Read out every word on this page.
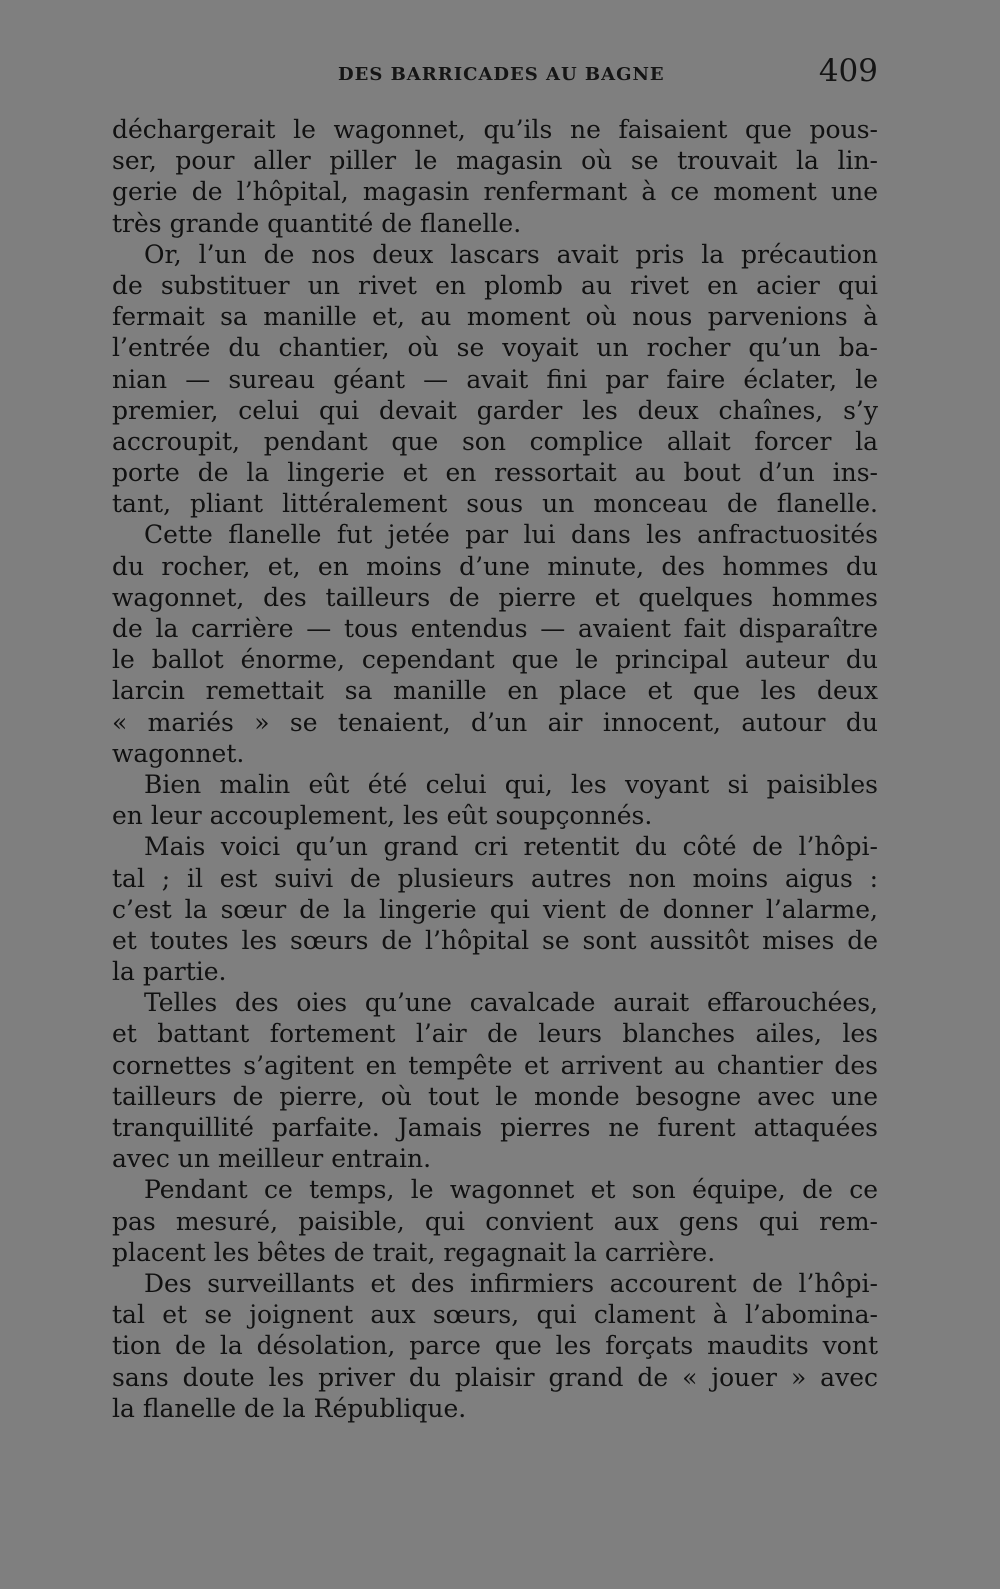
DES BARRICADES AU BAGNE	409
déchargerait le wagonnet, qu’ils ne faisaient que pous-
ser, pour aller piller le magasin où se trouvait la lin-
gerie de l’hôpital, magasin renfermant à ce moment une
très grande quantité de flanelle.
Or, l’un de nos deux lascars avait pris la précaution
de substituer un rivet en plomb au rivet en acier qui
fermait sa manille et, au moment où nous parvenions à
l’entrée du chantier, où se voyait un rocher qu’un ba-
nian — sureau géant — avait fini par faire éclater, le
premier, celui qui devait garder les deux chaînes, s’y
accroupit, pendant que son complice allait forcer la
porte de la lingerie et en ressortait au bout d’un ins-
tant, pliant littéralement sous un monceau de flanelle.
Cette flanelle fut jetée par lui dans les anfractuosités
du rocher, et, en moins d’une minute, des hommes du
wagonnet, des tailleurs de pierre et quelques hommes
de la carrière — tous entendus — avaient fait disparaître
le ballot énorme, cependant que le principal auteur du
larcin remettait sa manille en place et que les deux
« mariés » se tenaient, d’un air innocent, autour du
wagonnet.
Bien malin eût été celui qui, les voyant si paisibles
en leur accouplement, les eût soupçonnés.
Mais voici qu’un grand cri retentit du côté de l’hôpi-
tal ; il est suivi de plusieurs autres non moins aigus :
c’est la sœur de la lingerie qui vient de donner l’alarme,
et toutes les sœurs de l’hôpital se sont aussitôt mises de
la partie.
Telles des oies qu’une cavalcade aurait effarouchées,
et battant fortement l’air de leurs blanches ailes, les
cornettes s’agitent en tempête et arrivent au chantier des
tailleurs de pierre, où tout le monde besogne avec une
tranquillité parfaite. Jamais pierres ne furent attaquées
avec un meilleur entrain.
Pendant ce temps, le wagonnet et son équipe, de ce
pas mesuré, paisible, qui convient aux gens qui rem-
placent les bêtes de trait, regagnait la carrière.
Des surveillants et des infirmiers accourent de l’hôpi-
tal et se joignent aux sœurs, qui clament à l’abomina-
tion de la désolation, parce que les forçats maudits vont
sans doute les priver du plaisir grand de « jouer » avec
la flanelle de la République.
